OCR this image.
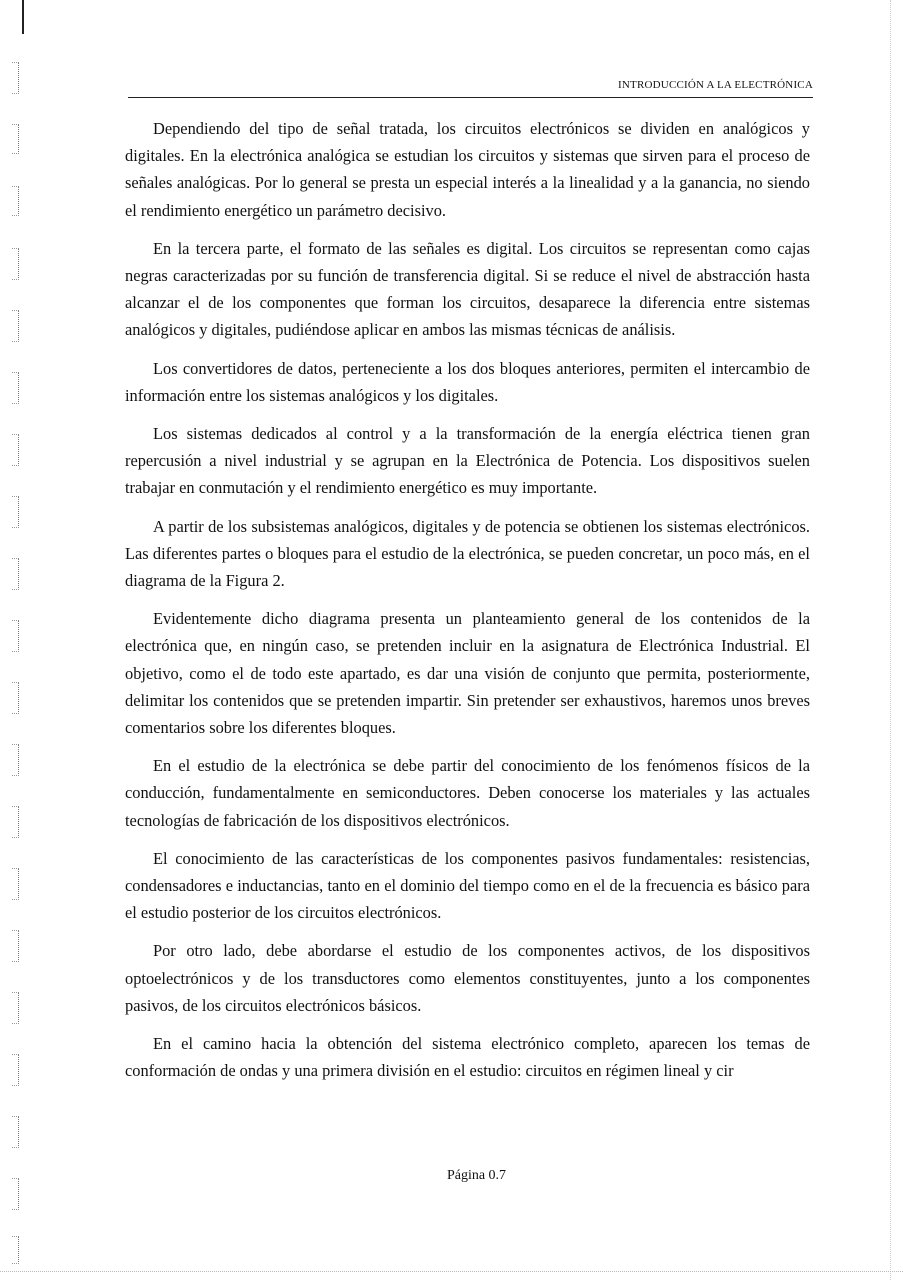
INTRODUCCIÓN A LA ELECTRÓNICA

Dependiendo del tipo de señal tratada, los circuitos electrónicos se dividen en analógicos y digitales. En la electrónica analógica se estudian los circuitos y sistemas que sirven para el proceso de señales analógicas. Por lo general se presta un especial interés a la linealidad y a la ganancia, no siendo el rendimiento energético un parámetro decisivo.

En la tercera parte, el formato de las señales es digital. Los circuitos se representan como cajas negras caracterizadas por su función de transferencia digital. Si se reduce el nivel de abstracción hasta alcanzar el de los componentes que forman los circuitos, desaparece la diferencia entre sistemas analógicos y digitales, pudiéndose aplicar en ambos las mismas técnicas de análisis.

Los convertidores de datos, perteneciente a los dos bloques anteriores, permiten el intercambio de información entre los sistemas analógicos y los digitales.

Los sistemas dedicados al control y a la transformación de la energía eléctrica tienen gran repercusión a nivel industrial y se agrupan en la Electrónica de Potencia. Los dispositivos suelen trabajar en conmutación y el rendimiento energético es muy importante.

A partir de los subsistemas analógicos, digitales y de potencia se obtienen los sistemas electrónicos. Las diferentes partes o bloques para el estudio de la electrónica, se pueden concretar, un poco más, en el diagrama de la Figura 2.

Evidentemente dicho diagrama presenta un planteamiento general de los contenidos de la electrónica que, en ningún caso, se pretenden incluir en la asignatura de Electrónica Industrial. El objetivo, como el de todo este apartado, es dar una visión de conjunto que permita, posteriormente, delimitar los contenidos que se pretenden impartir. Sin pretender ser exhaustivos, haremos unos breves comentarios sobre los diferentes bloques.

En el estudio de la electrónica se debe partir del conocimiento de los fenómenos físicos de la conducción, fundamentalmente en semiconductores. Deben conocerse los materiales y las actuales tecnologías de fabricación de los dispositivos electrónicos.

El conocimiento de las características de los componentes pasivos fundamentales: resistencias, condensadores e inductancias, tanto en el dominio del tiempo como en el de la frecuencia es básico para el estudio posterior de los circuitos electrónicos.

Por otro lado, debe abordarse el estudio de los componentes activos, de los dispositivos optoelectrónicos y de los transductores como elementos constituyentes, junto a los componentes pasivos, de los circuitos electrónicos básicos.

En el camino hacia la obtención del sistema electrónico completo, aparecen los temas de conformación de ondas y una primera división en el estudio: circuitos en régimen lineal y cir

Página 0.7
